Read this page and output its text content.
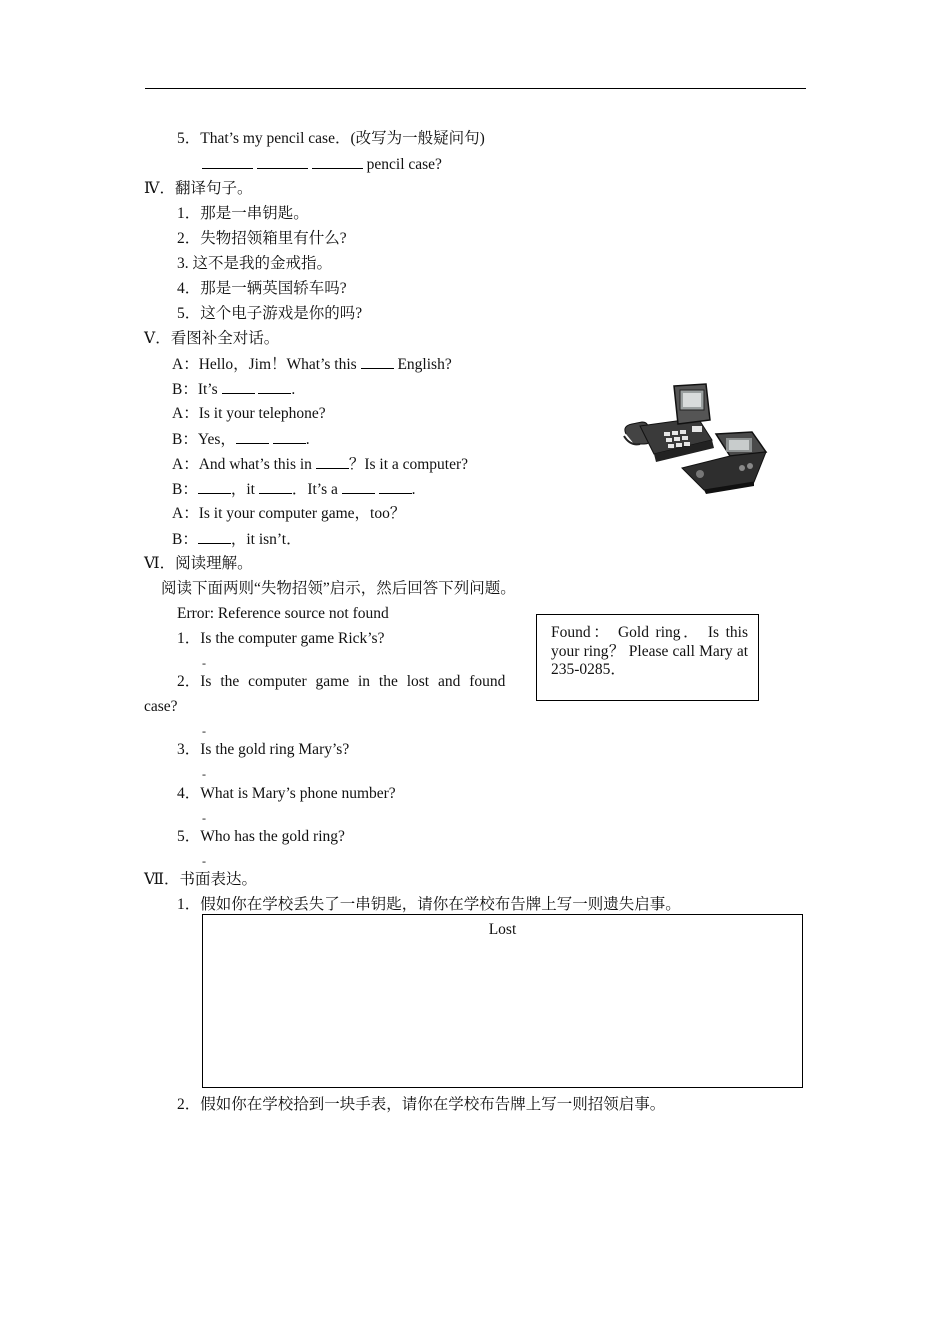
5．That’s my pencil case．(改写为一般疑问句)
pencil case?
Ⅳ．翻译句子。
1．那是一串钥匙。
2．失物招领箱里有什么?
3. 这不是我的金戒指。
4．那是一辆英国轿车吗?
5．这个电子游戏是你的吗?
Ⅴ．看图补全对话。
A：Hello，Jim！What’s this  English?
B：It’s	.
A：Is it your telephone?
B：Yes，	.
A：And what’s this in ？Is it a computer?
B： ，it ．It’s a	.
A：Is it your computer game，too？
B： ，it isn’t．
Ⅵ．阅读理解。
阅读下面两则“失物招领”启示，然后回答下列问题。
Error: Reference source not found
Found： Gold ring． Is this your ring？ Please call Mary at 235-0285．
1．Is the computer game Rick’s?
-
2．Is the computer game in the lost and found
case?
-
3．Is the gold ring Mary’s?
-
4．What is Mary’s phone number?
-
5．Who has the gold ring?
-
Ⅶ．书面表达。
1．假如你在学校丢失了一串钥匙，请你在学校布告牌上写一则遗失启事。
Lost
2．假如你在学校拾到一块手表，请你在学校布告牌上写一则招领启事。
